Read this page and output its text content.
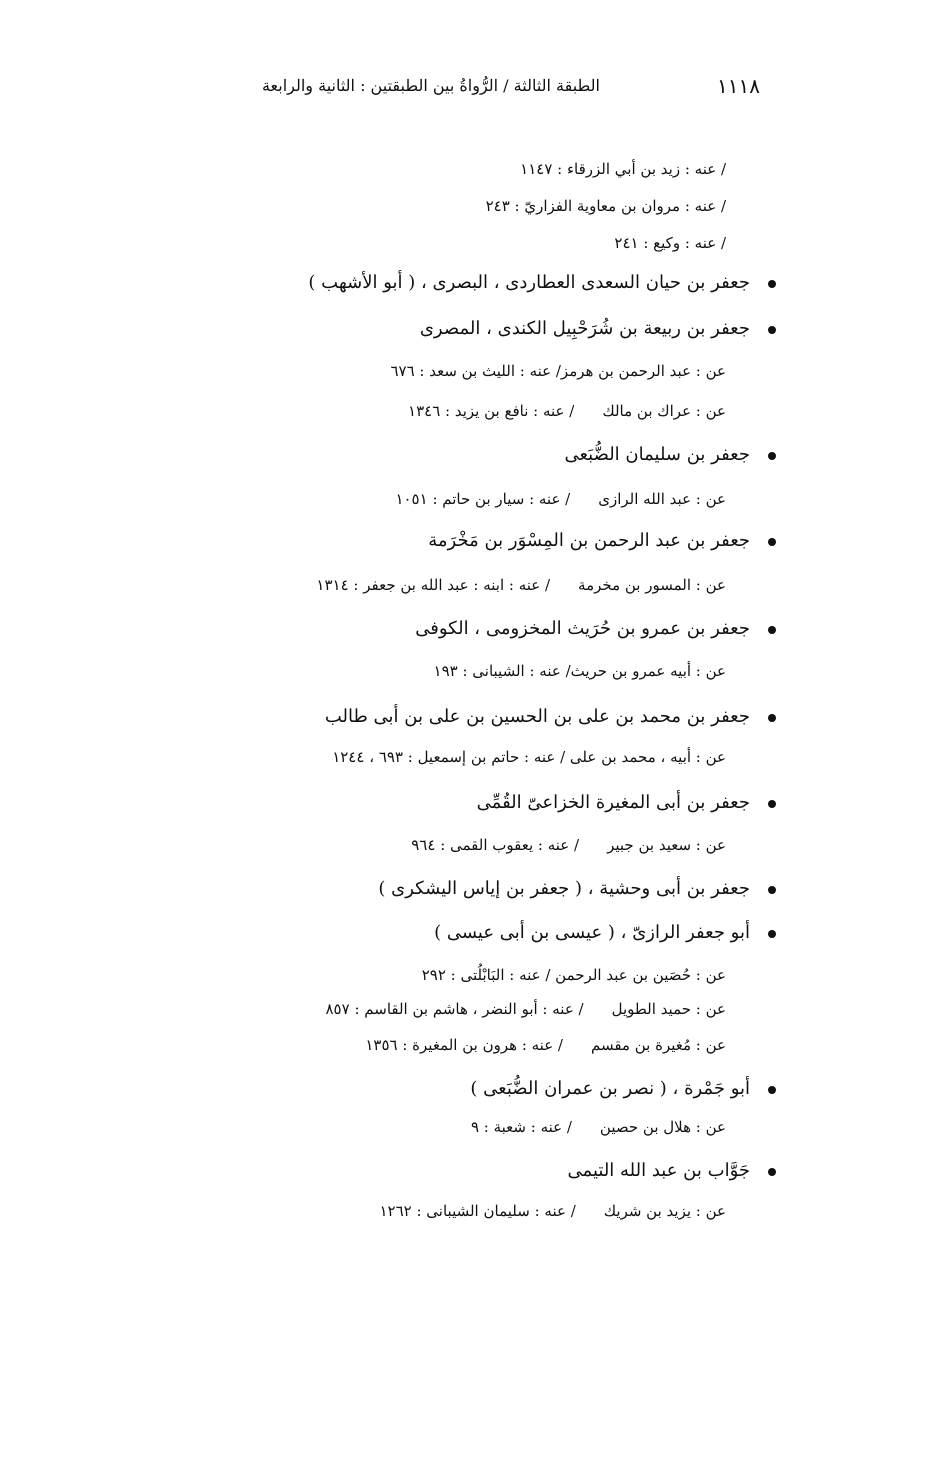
١١١٨
الطبقة الثالثة / الرُّواةُ بين الطبقتين : الثانية والرابعة
/ عنه : زيد بن أبي الزرقاء : ١١٤٧
/ عنه : مروان بن معاوية الفزاريّ : ٢٤٣
/ عنه : وكيع : ٢٤١
جعفر بن حيان السعدى العطاردى ، البصرى ، ( أبو الأشهب )
جعفر بن ربيعة بن شُرَحْبِيل الكندى ، المصرى
عن : عبد الرحمن بن هرمز/ عنه : الليث بن سعد : ٦٧٦
عن : عراك بن مالك/ عنه : نافع بن يزيد : ١٣٤٦
جعفر بن سليمان الضُّبَعى
عن : عبد الله الرازى/ عنه : سيار بن حاتم : ١٠٥١
جعفر بن عبد الرحمن بن المِسْوَر بن مَخْرَمة
عن : المسور بن مخرمة/ عنه : ابنه : عبد الله بن جعفر : ١٣١٤
جعفر بن عمرو بن حُرَيث المخزومى ، الكوفى
عن : أبيه عمرو بن حريث/ عنه : الشيبانى : ١٩٣
جعفر بن محمد بن على بن الحسين بن على بن أبى طالب
عن : أبيه ، محمد بن على / عنه : حاتم بن إسمعيل : ٦٩٣ ، ١٢٤٤
جعفر بن أبى المغيرة الخزاعىّ القُمِّى
عن : سعيد بن جبير/ عنه : يعقوب القمى : ٩٦٤
جعفر بن أبى وحشية ، ( جعفر بن إياس اليشكرى )
أبو جعفر الرازىّ ، ( عيسى بن أبى عيسى )
عن : حُصَين بن عبد الرحمن / عنه : البَابْلُتى : ٢٩٢
عن : حميد الطويل/ عنه : أبو النضر ، هاشم بن القاسم : ٨٥٧
عن : مُغيرة بن مقسم/ عنه : هرون بن المغيرة : ١٣٥٦
أبو جَمْرة ، ( نصر بن عمران الضُّبَعى )
عن : هلال بن حصين/ عنه : شعبة : ٩
جَوَّاب بن عبد الله التيمى
عن : يزيد بن شريك/ عنه : سليمان الشيبانى : ١٢٦٢
